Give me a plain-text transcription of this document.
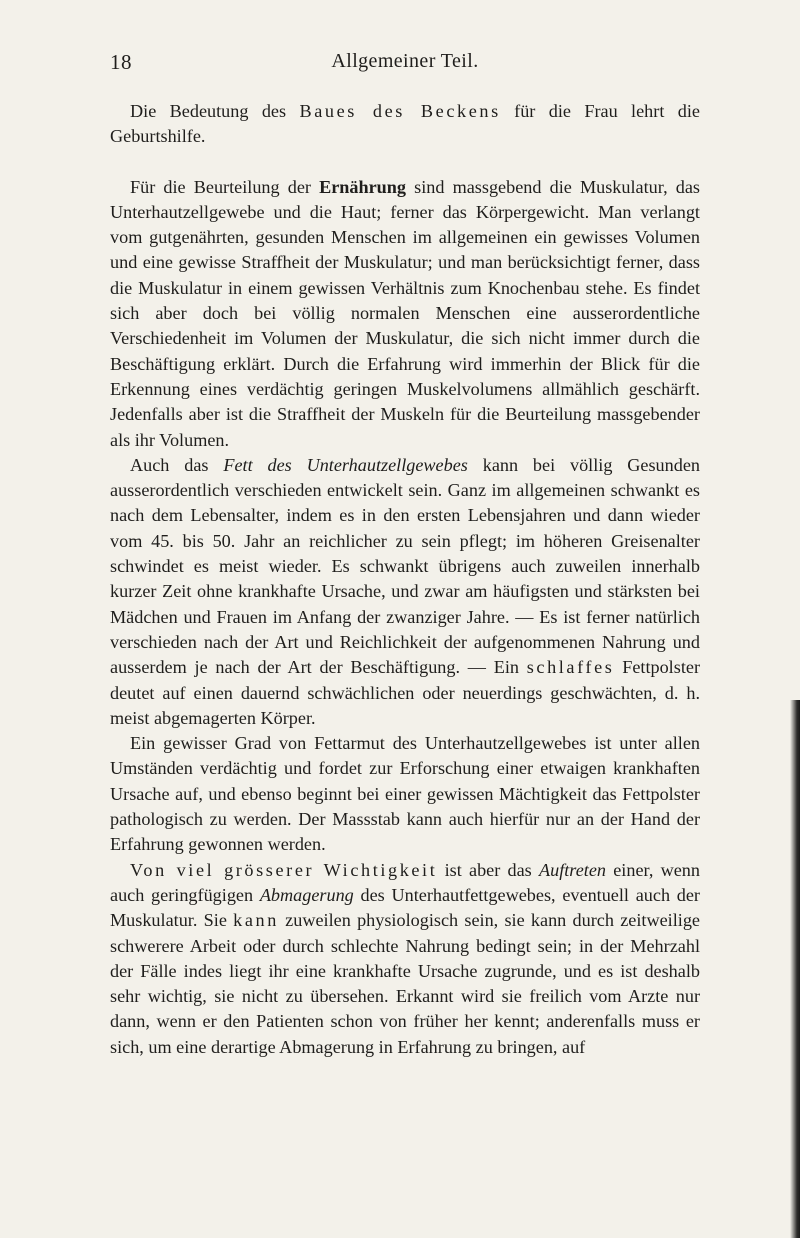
18	Allgemeiner Teil.

Die Bedeutung des Baues des Beckens für die Frau lehrt die Geburtshilfe.

Für die Beurteilung der Ernährung sind massgebend die Muskulatur, das Unterhautzellgewebe und die Haut; ferner das Körpergewicht. Man verlangt vom gutgenährten, gesunden Menschen im allgemeinen ein gewisses Volumen und eine gewisse Straffheit der Muskulatur; und man berücksichtigt ferner, dass die Muskulatur in einem gewissen Verhältnis zum Knochenbau stehe. Es findet sich aber doch bei völlig normalen Menschen eine ausserordentliche Verschiedenheit im Volumen der Muskulatur, die sich nicht immer durch die Beschäftigung erklärt. Durch die Erfahrung wird immerhin der Blick für die Erkennung eines verdächtig geringen Muskelvolumens allmählich geschärft. Jedenfalls aber ist die Straffheit der Muskeln für die Beurteilung massgebender als ihr Volumen.

Auch das Fett des Unterhautzellgewebes kann bei völlig Gesunden ausserordentlich verschieden entwickelt sein. Ganz im allgemeinen schwankt es nach dem Lebensalter, indem es in den ersten Lebensjahren und dann wieder vom 45. bis 50. Jahr an reichlicher zu sein pflegt; im höheren Greisenalter schwindet es meist wieder. Es schwankt übrigens auch zuweilen innerhalb kurzer Zeit ohne krankhafte Ursache, und zwar am häufigsten und stärksten bei Mädchen und Frauen im Anfang der zwanziger Jahre. — Es ist ferner natürlich verschieden nach der Art und Reichlichkeit der aufgenommenen Nahrung und ausserdem je nach der Art der Beschäftigung. — Ein schlaffes Fettpolster deutet auf einen dauernd schwächlichen oder neuerdings geschwächten, d. h. meist abgemagerten Körper.

Ein gewisser Grad von Fettarmut des Unterhautzellgewebes ist unter allen Umständen verdächtig und fordet zur Erforschung einer etwaigen krankhaften Ursache auf, und ebenso beginnt bei einer gewissen Mächtigkeit das Fettpolster pathologisch zu werden. Der Massstab kann auch hierfür nur an der Hand der Erfahrung gewonnen werden.

Von viel grösserer Wichtigkeit ist aber das Auftreten einer, wenn auch geringfügigen Abmagerung des Unterhautfettgewebes, eventuell auch der Muskulatur. Sie kann zuweilen physiologisch sein, sie kann durch zeitweilige schwerere Arbeit oder durch schlechte Nahrung bedingt sein; in der Mehrzahl der Fälle indes liegt ihr eine krankhafte Ursache zugrunde, und es ist deshalb sehr wichtig, sie nicht zu übersehen. Erkannt wird sie freilich vom Arzte nur dann, wenn er den Patienten schon von früher her kennt; anderenfalls muss er sich, um eine derartige Abmagerung in Erfahrung zu bringen, auf
